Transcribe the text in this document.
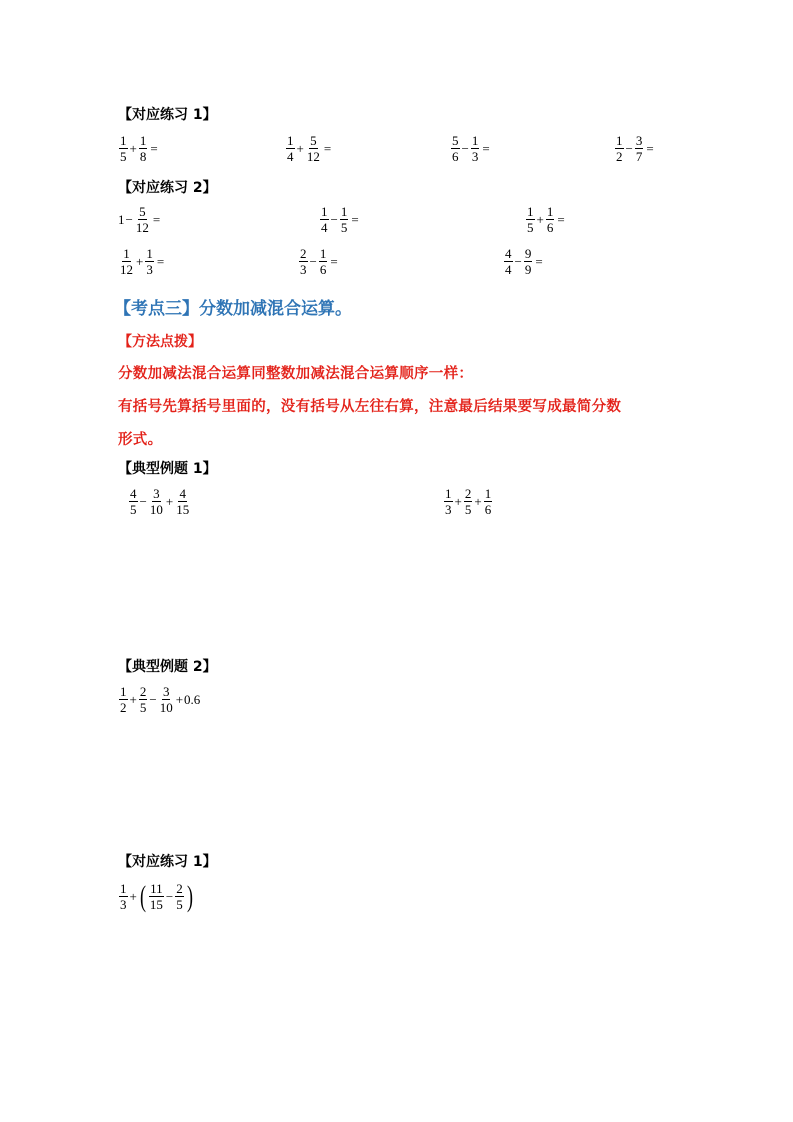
【对应练习 1】
$\frac{1}{5} + \frac{1}{8}$ =	$\frac{1}{4} + \frac{5}{12}$ =	$\frac{5}{6} - \frac{1}{3}$ =	$\frac{1}{2} - \frac{3}{7}$ =
【对应练习 2】
$1 - \frac{5}{12}$ =	$\frac{1}{4} - \frac{1}{5}$ =	$\frac{1}{5} + \frac{1}{6}$ =
$\frac{1}{12} + \frac{1}{3}$ =	$\frac{2}{3} - \frac{1}{6}$ =	$\frac{4}{4} - \frac{9}{9}$ =
【考点三】分数加减混合运算。
【方法点拨】
分数加减法混合运算同整数加减法混合运算顺序一样：
有括号先算括号里面的，没有括号从左往右算，注意最后结果要写成最简分数
形式。
【典型例题 1】
$\frac{4}{5} - \frac{3}{10} + \frac{4}{15}$	$\frac{1}{3} + \frac{2}{5} + \frac{1}{6}$
【典型例题 2】
$\frac{1}{2} + \frac{2}{5} - \frac{3}{10} + 0.6$
【对应练习 1】
$\frac{1}{3}$ + ( $\frac{11}{15} - \frac{2}{5}$ )
